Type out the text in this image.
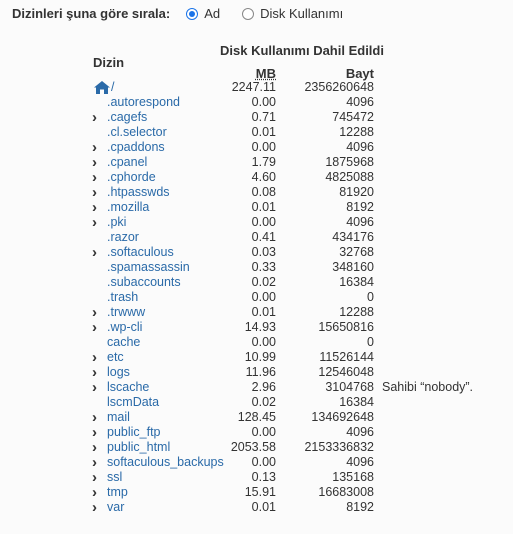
Dizinleri şuna göre sırala:	Ad	Disk Kullanımı
Disk Kullanımı Dahil Edildi
Dizin
MB	Bayt
/	2247.11	2356260648
.autorespond	0.00	4096
› .cagefs	0.71	745472
.cl.selector	0.01	12288
› .cpaddons	0.00	4096
› .cpanel	1.79	1875968
› .cphorde	4.60	4825088
› .htpasswds	0.08	81920
› .mozilla	0.01	8192
› .pki	0.00	4096
.razor	0.41	434176
› .softaculous	0.03	32768
.spamassassin	0.33	348160
.subaccounts	0.02	16384
.trash	0.00	0
› .trwww	0.01	12288
› .wp-cli	14.93	15650816
cache	0.00	0
› etc	10.99	11526144
› logs	11.96	12546048
› lscache	2.96	3104768 Sahibi “nobody”.
lscmData	0.02	16384
› mail	128.45	134692648
› public_ftp	0.00	4096
› public_html	2053.58	2153336832
› softaculous_backups	0.00	4096
› ssl	0.13	135168
› tmp	15.91	16683008
› var	0.01	8192
